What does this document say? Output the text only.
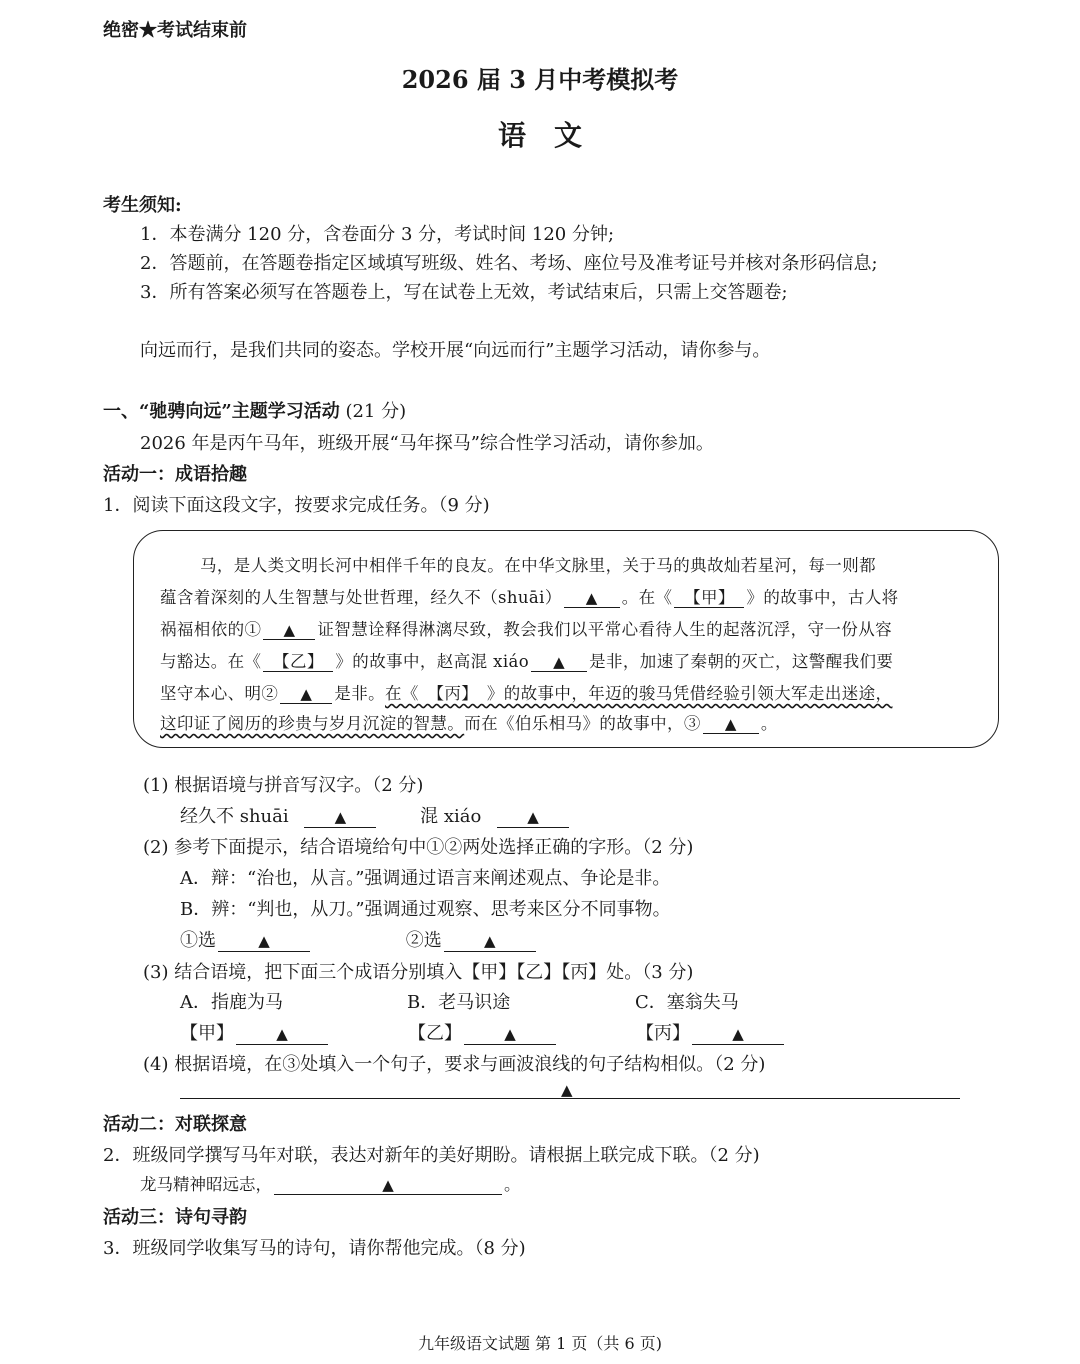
绝密★考试结束前
2026 届 3 月中考模拟考
语　文
考生须知:
1．本卷满分 120 分，含卷面分 3 分，考试时间 120 分钟;
2．答题前，在答题卷指定区域填写班级、姓名、考场、座位号及准考证号并核对条形码信息;
3．所有答案必须写在答题卷上，写在试卷上无效，考试结束后，只需上交答题卷;
向远而行，是我们共同的姿态。学校开展“向远而行”主题学习活动，请你参与。
一、“驰骋向远”主题学习活动 (21 分)
2026 年是丙午马年，班级开展“马年探马”综合性学习活动，请你参加。
活动一：成语拾趣
1．阅读下面这段文字，按要求完成任务。（9 分)
马，是人类文明长河中相伴千年的良友。在中华文脉里，关于马的典故灿若星河，每一则都
蕴含着深刻的人生智慧与处世哲理，经久不（shuāi） ▲ 。在《 【甲】 》的故事中，古人将
祸福相依的① ▲ 证智慧诠释得淋漓尽致，教会我们以平常心看待人生的起落沉浮，守一份从容
与豁达。在《 【乙】 》的故事中，赵高混 xiáo ▲ 是非，加速了秦朝的灭亡，这警醒我们要
坚守本心、明② ▲ 是非。在《　【丙】　》的故事中，年迈的骏马凭借经验引领大军走出迷途，
这印证了阅历的珍贵与岁月沉淀的智慧。而在《伯乐相马》的故事中，③ ▲ 。
(1) 根据语境与拼音写汉字。（2 分)
经久不 shuāi	▲	混 xiáo	▲
(2) 参考下面提示，结合语境给句中①②两处选择正确的字形。（2 分)
A．辩：“治也，从言。”强调通过语言来阐述观点、争论是非。
B．辨：“判也，从刀。”强调通过观察、思考来区分不同事物。
①选	▲	②选	▲
(3) 结合语境，把下面三个成语分别填入【甲】【乙】【丙】处。（3 分)
A．指鹿为马	B．老马识途	C．塞翁失马
【甲】	▲	【乙】	▲	【丙】	▲
(4) 根据语境，在③处填入一个句子，要求与画波浪线的句子结构相似。（2 分)
▲
活动二：对联探意
2．班级同学撰写马年对联，表达对新年的美好期盼。请根据上联完成下联。（2 分)
龙马精神昭远志，	▲	。
活动三：诗句寻韵
3．班级同学收集写马的诗句，请你帮他完成。（8 分)
九年级语文试题 第 1 页（共 6 页)
